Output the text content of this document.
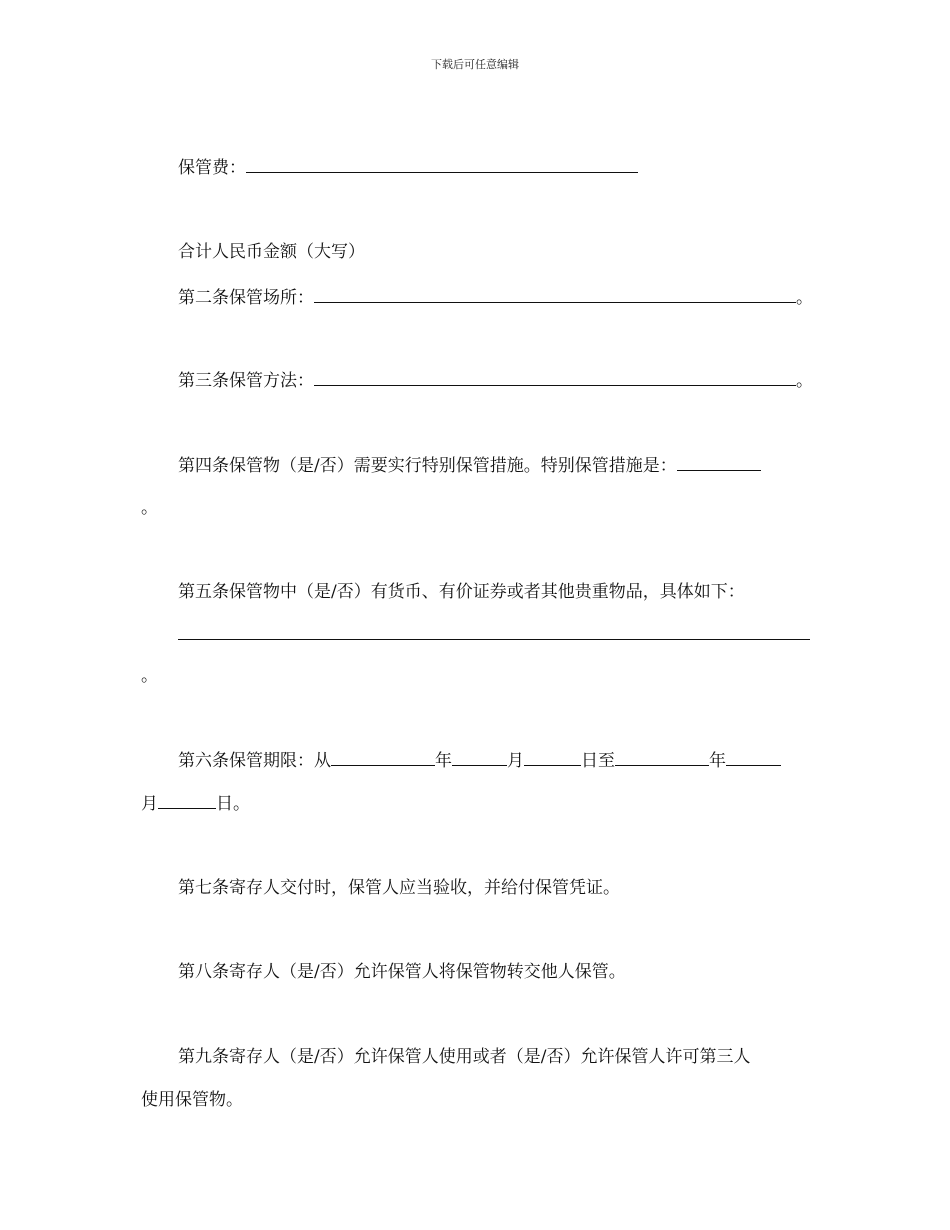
下载后可任意编辑
保管费：
合计人民币金额（大写）
第二条保管场所：	。
第三条保管方法：	。
第四条保管物（是/否）需要实行特别保管措施。特别保管措施是：
。
第五条保管物中（是/否）有货币、有价证券或者其他贵重物品，具体如下：
。
第六条保管期限：从	年	月	日至	年
月	日。
第七条寄存人交付时，保管人应当验收，并给付保管凭证。
第八条寄存人（是/否）允许保管人将保管物转交他人保管。
第九条寄存人（是/否）允许保管人使用或者（是/否）允许保管人许可第三人
使用保管物。
